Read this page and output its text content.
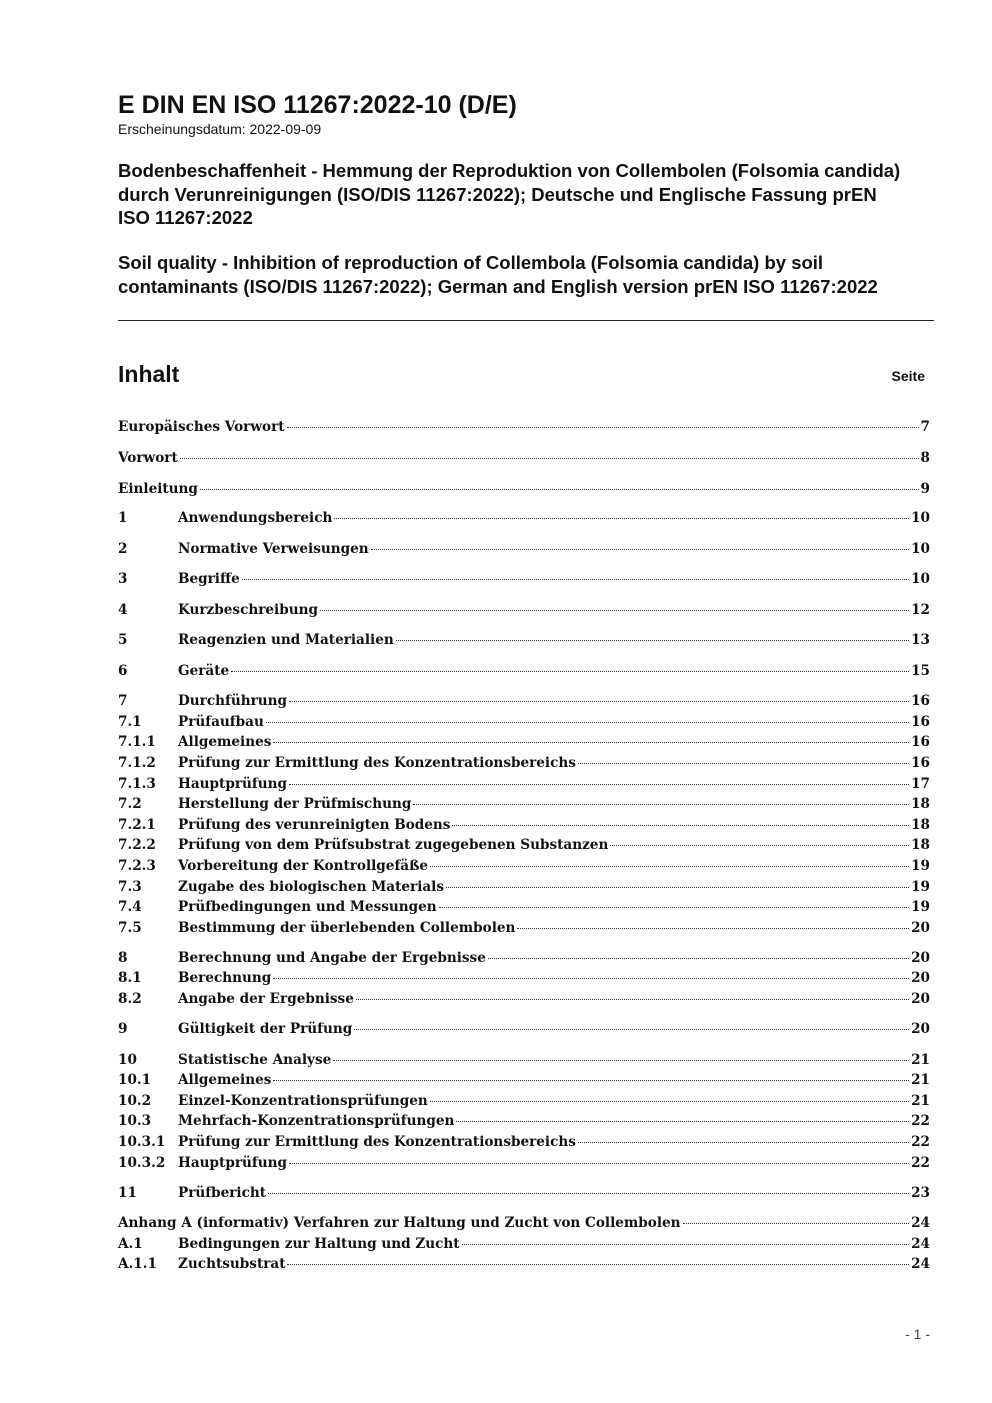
E DIN EN ISO 11267:2022-10 (D/E)
Erscheinungsdatum: 2022-09-09
Bodenbeschaffenheit - Hemmung der Reproduktion von Collembolen (Folsomia candida) durch Verunreinigungen (ISO/DIS 11267:2022); Deutsche und Englische Fassung prEN ISO 11267:2022
Soil quality - Inhibition of reproduction of Collembola (Folsomia candida) by soil contaminants (ISO/DIS 11267:2022); German and English version prEN ISO 11267:2022
Inhalt	Seite
Europäisches Vorwort	7
Vorwort	8
Einleitung	9
1	Anwendungsbereich	10
2	Normative Verweisungen	10
3	Begriffe	10
4	Kurzbeschreibung	12
5	Reagenzien und Materialien	13
6	Geräte	15
7	Durchführung	16
7.1	Prüfaufbau	16
7.1.1	Allgemeines	16
7.1.2	Prüfung zur Ermittlung des Konzentrationsbereichs	16
7.1.3	Hauptprüfung	17
7.2	Herstellung der Prüfmischung	18
7.2.1	Prüfung des verunreinigten Bodens	18
7.2.2	Prüfung von dem Prüfsubstrat zugegebenen Substanzen	18
7.2.3	Vorbereitung der Kontrollgefäße	19
7.3	Zugabe des biologischen Materials	19
7.4	Prüfbedingungen und Messungen	19
7.5	Bestimmung der überlebenden Collembolen	20
8	Berechnung und Angabe der Ergebnisse	20
8.1	Berechnung	20
8.2	Angabe der Ergebnisse	20
9	Gültigkeit der Prüfung	20
10	Statistische Analyse	21
10.1	Allgemeines	21
10.2	Einzel-Konzentrationsprüfungen	21
10.3	Mehrfach-Konzentrationsprüfungen	22
10.3.1 Prüfung zur Ermittlung des Konzentrationsbereichs	22
10.3.2 Hauptprüfung	22
11	Prüfbericht	23
Anhang A (informativ) Verfahren zur Haltung und Zucht von Collembolen	24
A.1	Bedingungen zur Haltung und Zucht	24
A.1.1	Zuchtsubstrat	24
- 1 -
